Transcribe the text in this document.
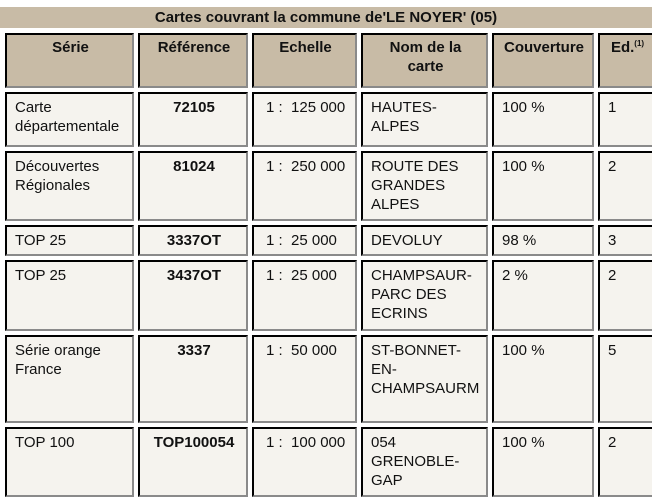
Cartes couvrant la commune de'LE NOYER' (05)
Série	Référence	Echelle	Nom de la carte	Couverture	Ed.$^{(1)}$
Carte départementale	72105	1 :  125 000	HAUTES-ALPES	100 %	1
Découvertes Régionales	81024	1 :  250 000	ROUTE DES GRANDES ALPES	100 %	2
TOP 25	3337OT	1 :  25 000	DEVOLUY	98 %	3
TOP 25	3437OT	1 :  25 000	CHAMPSAUR-PARC DES ECRINS	2 %	2
Série orange France	3337	1 :  50 000	ST-BONNET-EN-CHAMPSAURM	100 %	5
TOP 100	TOP100054	1 :  100 000	054 GRENOBLE-GAP	100 %	2
